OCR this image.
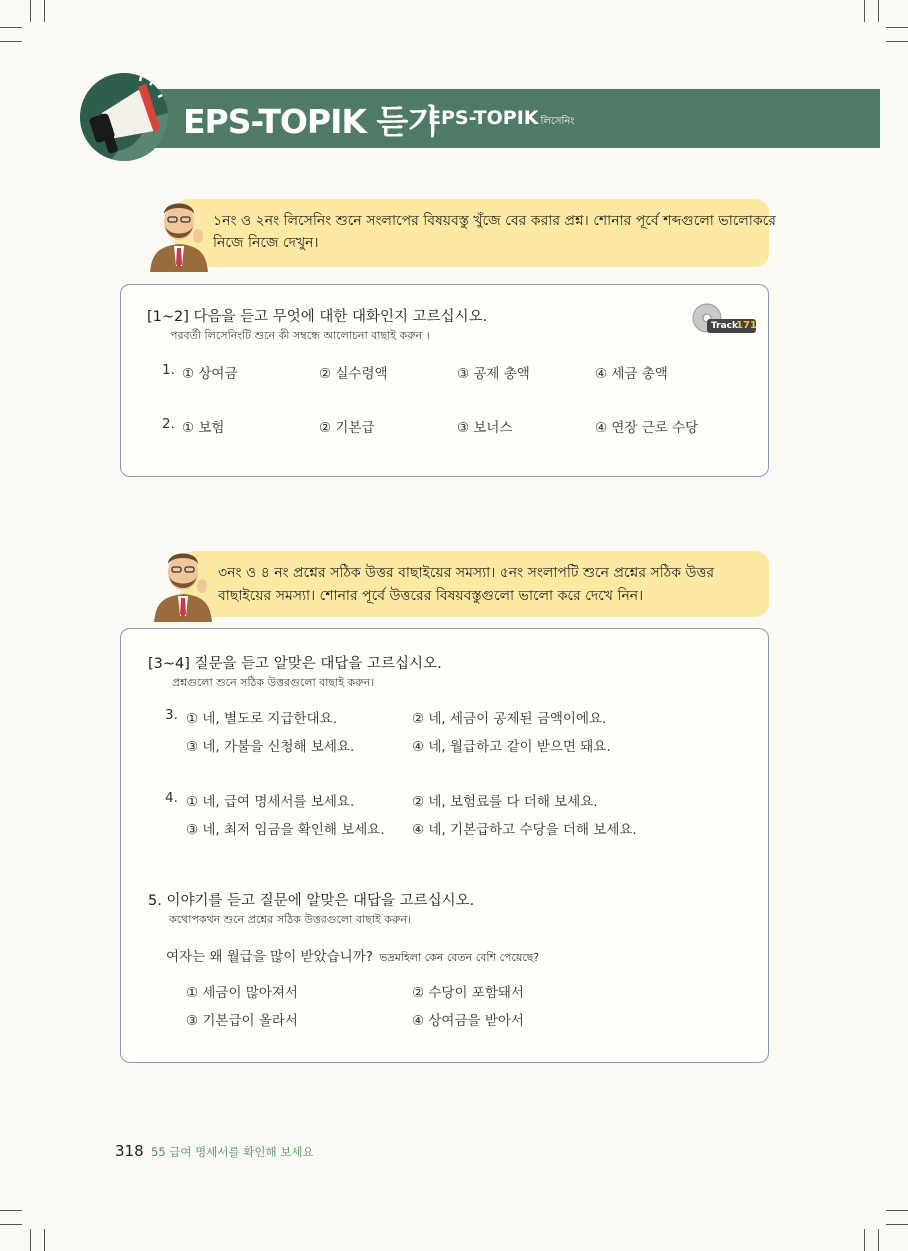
EPS-TOPIK 듣기
EPS-TOPIK লিসেনিং
১নং ও ২নং লিসেনিং শুনে সংলাপের বিষয়বস্তু খুঁজে বের করার প্রশ্ন। শোনার পূর্বে শব্দগুলো ভালোকরে
নিজে নিজে দেখুন।
[1~2] 다음을 듣고 무엇에 대한 대화인지 고르십시오.
পরবর্তী লিসেনিংটি শুনে কী সম্বন্ধে আলোচনা বাছাই করুন ।
Track
171
1. ① 상여금	② 실수령액	③ 공제 총액	④ 세금 총액
2. ① 보험	② 기본급	③ 보너스	④ 연장 근로 수당
৩নং ও ৪ নং প্রশ্নের সঠিক উত্তর বাছাইয়ের সমস্যা। ৫নং সংলাপটি শুনে প্রশ্নের সঠিক উত্তর
বাছাইয়ের সমস্যা। শোনার পূর্বে উত্তরের বিষয়বস্তুগুলো ভালো করে দেখে নিন।
[3~4] 질문을 듣고 알맞은 대답을 고르십시오.
প্রশ্নগুলো শুনে সঠিক উত্তরগুলো বাছাই করুন।
3. ① 네, 별도로 지급한대요.	② 네, 세금이 공제된 금액이에요.
③ 네, 가불을 신청해 보세요.	④ 네, 월급하고 같이 받으면 돼요.
4. ① 네, 급여 명세서를 보세요.	② 네, 보험료를 다 더해 보세요.
③ 네, 최저 임금을 확인해 보세요. ④ 네, 기본급하고 수당을 더해 보세요.
5. 이야기를 듣고 질문에 알맞은 대답을 고르십시오.
কথোপকথন শুনে প্রশ্নের সঠিক উত্তরগুলো বাছাই করুন।
여자는 왜 월급을 많이 받았습니까? ভদ্রমহিলা কেন বেতন বেশি পেয়েছে?
① 세금이 많아져서	② 수당이 포함돼서
③ 기본급이 올라서	④ 상여금을 받아서
318 55 급여 명세서를 확인해 보세요
